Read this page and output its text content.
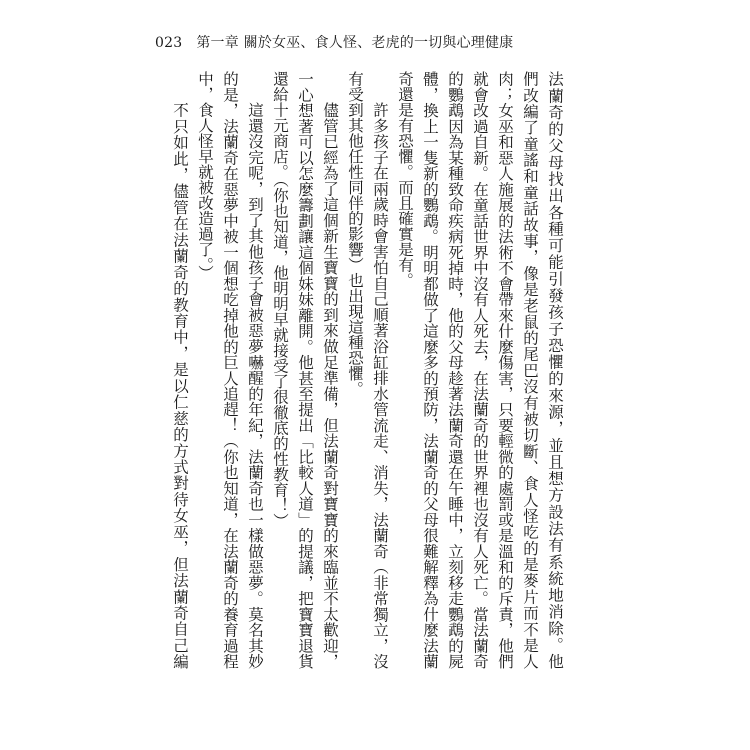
023 第一章 關於女巫、食人怪、老虎的一切與心理健康
法蘭奇的父母找出各種可能引發孩子恐懼的來源，並且想方設法有系統地消除。他
們改編了童謠和童話故事，像是老鼠的尾巴沒有被切斷、食人怪吃的是麥片而不是人
肉；女巫和惡人施展的法術不會帶來什麼傷害，只要輕微的處罰或是溫和的斥責，他們
就會改過自新。在童話世界中沒有人死去，在法蘭奇的世界裡也沒有人死亡。當法蘭奇
的鸚鵡因為某種致命疾病死掉時，他的父母趁著法蘭奇還在午睡中，立刻移走鸚鵡的屍
體，換上一隻新的鸚鵡。明明都做了這麼多的預防，法蘭奇的父母很難解釋為什麼法蘭
奇還是有恐懼。而且確實是有。
許多孩子在兩歲時會害怕自己順著浴缸排水管流走、消失，法蘭奇（非常獨立，沒
有受到其他任性同伴的影響）也出現這種恐懼。
儘管已經為了這個新生寶寶的到來做足準備，但法蘭奇對寶寶的來臨並不太歡迎，
一心想著可以怎麼籌劃讓這個妹妹離開。他甚至提出「比較人道」的提議，把寶寶退貨
還給十元商店。（你也知道，他明明早就接受了很徹底的性教育！）
這還沒完呢，到了其他孩子會被惡夢嚇醒的年紀，法蘭奇也一樣做惡夢。莫名其妙
的是，法蘭奇在惡夢中被一個想吃掉他的巨人追趕！（你也知道，在法蘭奇的養育過程
中，食人怪早就被改造過了。）
不只如此，儘管在法蘭奇的教育中，是以仁慈的方式對待女巫，但法蘭奇自己編
